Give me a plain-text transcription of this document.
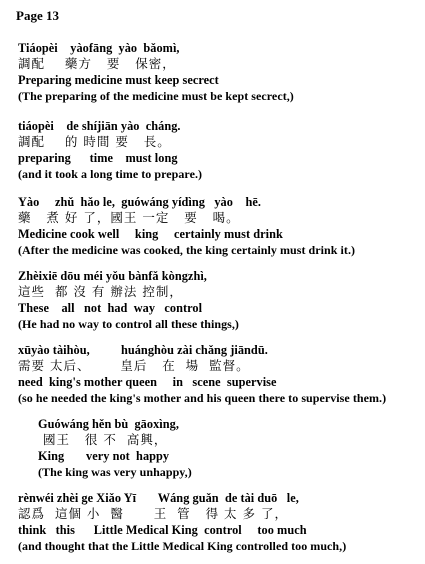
Page 13
Tiáopèi    yàofāng  yào  bǎomì,
調配    藥方   要   保密，
Preparing medicine must keep secrect
(The preparing of the medicine must be kept secrect,)
tiáopèi    de shíjiān yào  cháng.
調配    的 時間 要   長。
preparing      time    must long
(and it took a long time to prepare.)
Yào     zhǔ  hǎo le,  guówáng yídìng   yào    hē.
藥   煮 好 了，國王 一定   要   喝。
Medicine cook well     king     certainly must drink
(After the medicine was cooked, the king certainly must drink it.)
Zhèixiē dōu méi yǒu bànfǎ kòngzhì,
這些  都 沒 有 辦法 控制，
These    all   not  had  way   control
(He had no way to control all these things,)
xūyào tàihòu,          huánghòu zài chǎng jiāndū.
需要 太后、      皇后   在  場  監督。
need  king's mother queen     in   scene  supervise
(so he needed the king's mother and his queen there to supervise them.)
Guówáng hěn bù  gāoxìng,
國王   很 不  高興，
King       very not  happy
(The king was very unhappy,)
rènwéi zhèi ge Xiǎo Yī       Wáng guǎn  de tài duō   le,
認爲  這個 小  醫      王  管   得 太 多 了，
think   this      Little Medical King  control     too much
(and thought that the Little Medical King controlled too much,)
